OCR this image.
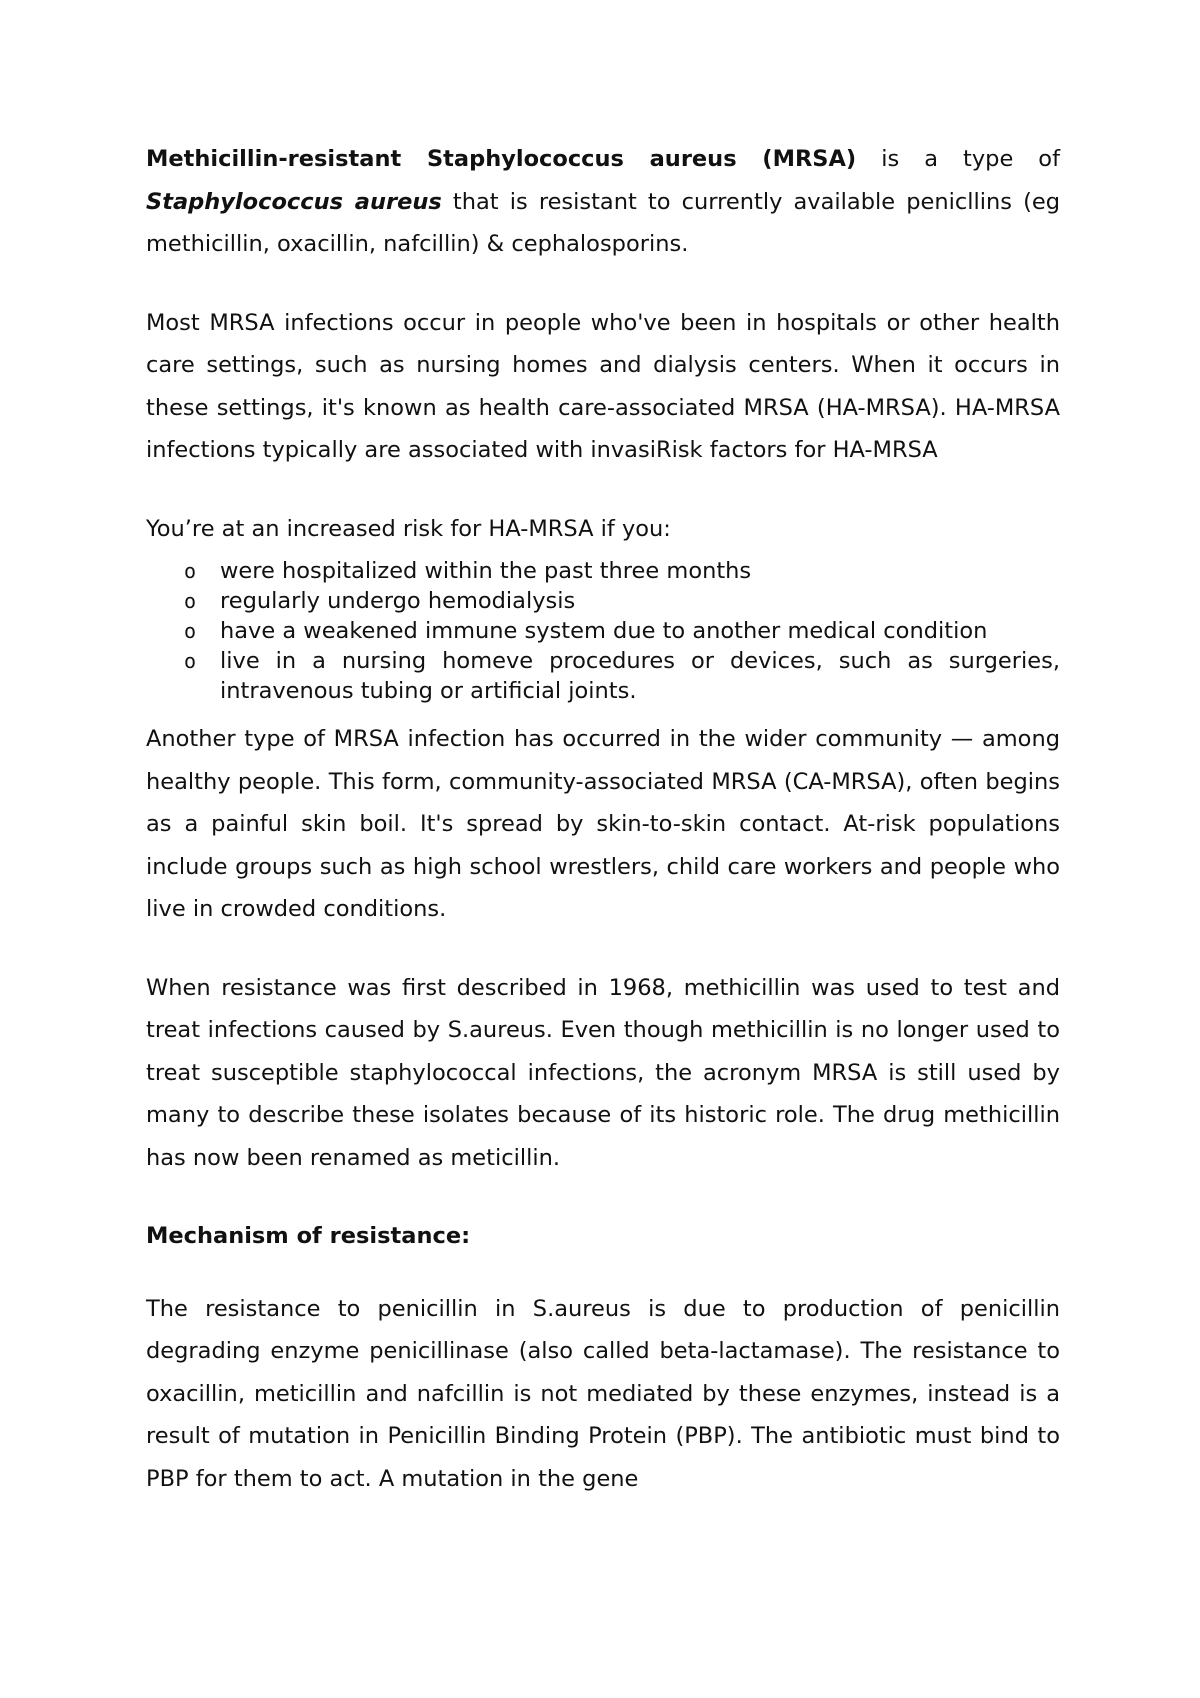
Methicillin-resistant Staphylococcus aureus (MRSA) is a type of Staphylococcus aureus that is resistant to currently available penicllins (eg methicillin, oxacillin, nafcillin) & cephalosporins.

Most MRSA infections occur in people who've been in hospitals or other health care settings, such as nursing homes and dialysis centers. When it occurs in these settings, it's known as health care-associated MRSA (HA-MRSA). HA-MRSA infections typically are associated with invasiRisk factors for HA-MRSA

You’re at an increased risk for HA-MRSA if you:

o were hospitalized within the past three months
o regularly undergo hemodialysis
o have a weakened immune system due to another medical condition
o live in a nursing homeve procedures or devices, such as surgeries, intravenous tubing or artificial joints.

Another type of MRSA infection has occurred in the wider community — among healthy people. This form, community-associated MRSA (CA-MRSA), often begins as a painful skin boil. It's spread by skin-to-skin contact. At-risk populations include groups such as high school wrestlers, child care workers and people who live in crowded conditions.

When resistance was first described in 1968, methicillin was used to test and treat infections caused by S.aureus. Even though methicillin is no longer used to treat susceptible staphylococcal infections, the acronym MRSA is still used by many to describe these isolates because of its historic role. The drug methicillin has now been renamed as meticillin.

Mechanism of resistance:

The resistance to penicillin in S.aureus is due to production of penicillin degrading enzyme penicillinase (also called beta-lactamase). The resistance to oxacillin, meticillin and nafcillin is not mediated by these enzymes, instead is a result of mutation in Penicillin Binding Protein (PBP). The antibiotic must bind to PBP for them to act. A mutation in the gene
